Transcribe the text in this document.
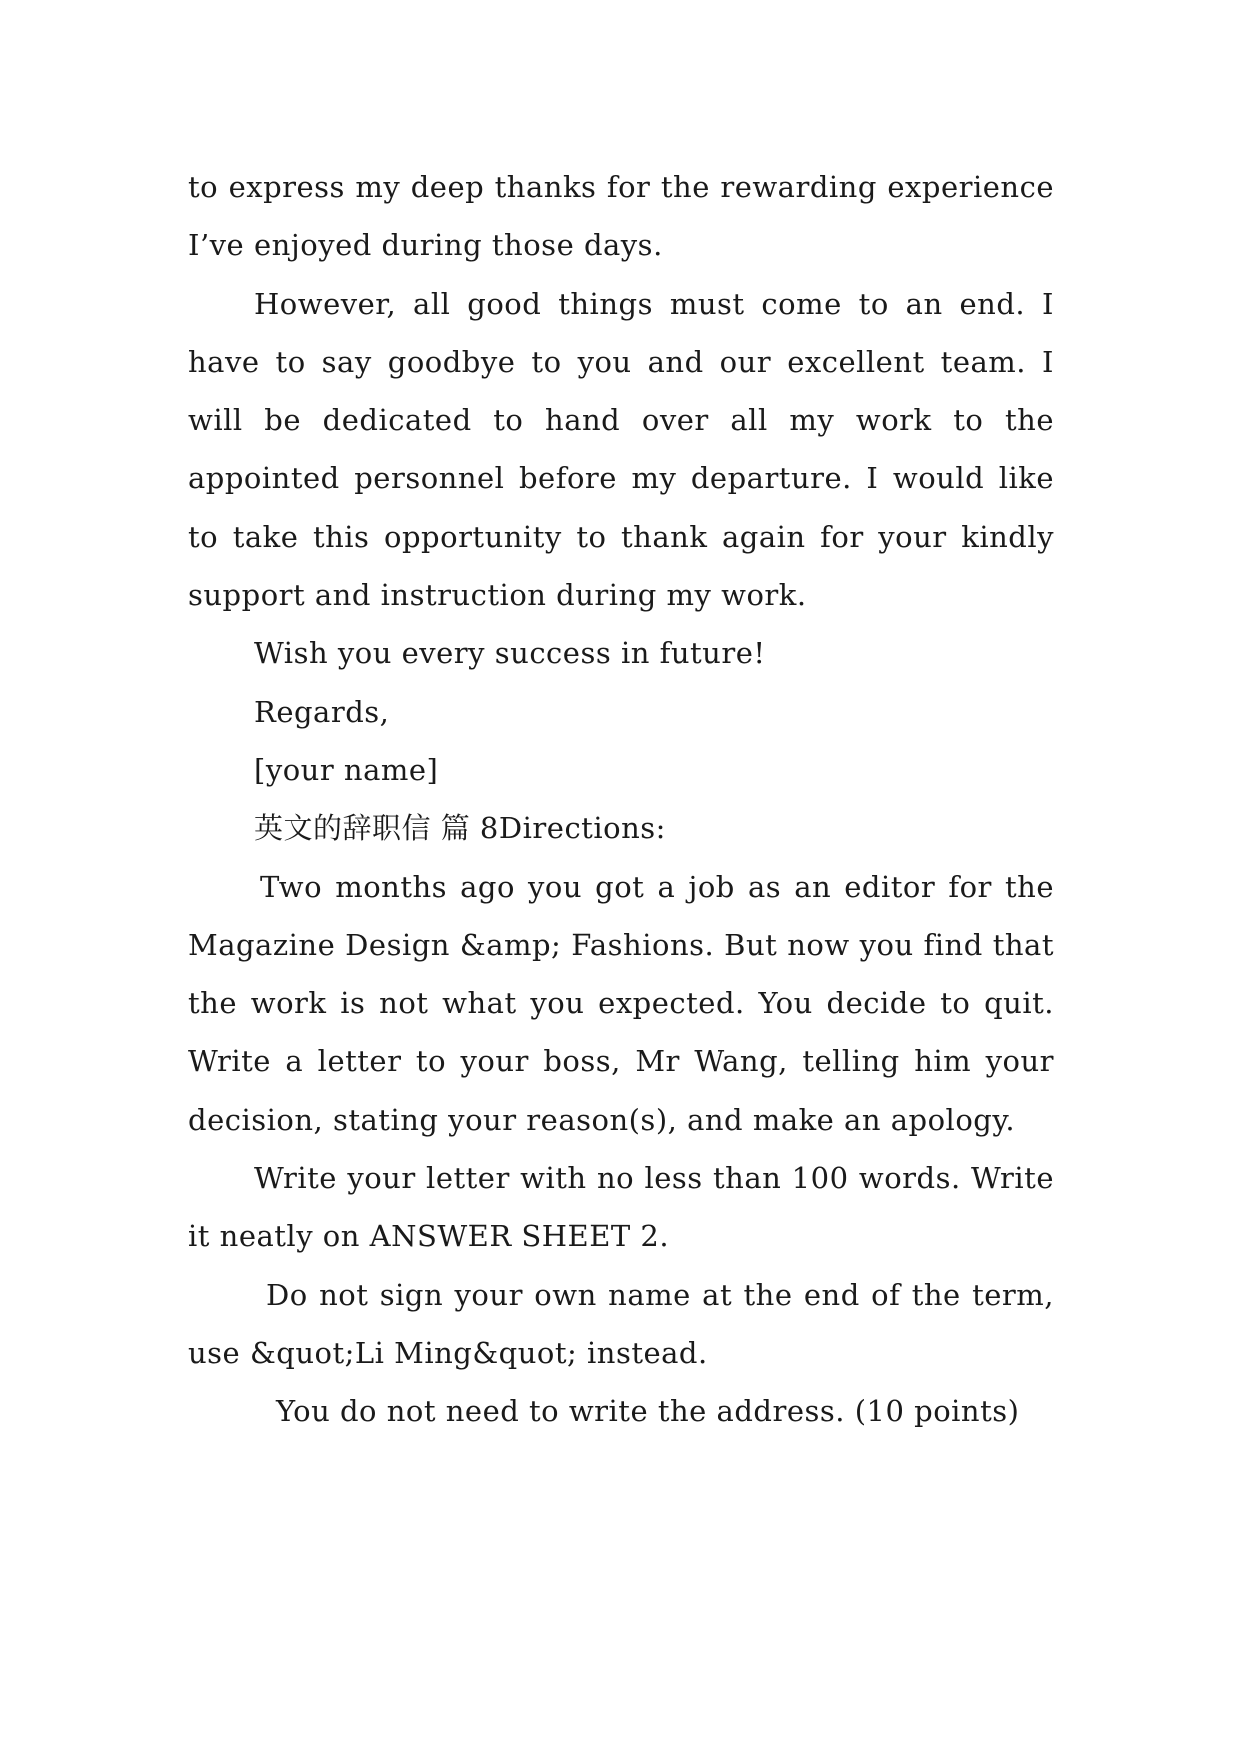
to express my deep thanks for the rewarding experience I’ve enjoyed during those days.

However, all good things must come to an end. I have to say goodbye to you and our excellent team. I will be dedicated to hand over all my work to the appointed personnel before my departure. I would like to take this opportunity to thank again for your kindly support and instruction during my work.

Wish you every success in future!

Regards,

[your name]

英文的辞职信 篇 8Directions:

Two months ago you got a job as an editor for the Magazine Design &amp; Fashions. But now you find that the work is not what you expected. You decide to quit. Write a letter to your boss, Mr Wang, telling him your decision, stating your reason(s), and make an apology.

Write your letter with no less than 100 words. Write it neatly on ANSWER SHEET 2.

Do not sign your own name at the end of the term, use &quot;Li Ming&quot; instead.

You do not need to write the address. (10 points)
